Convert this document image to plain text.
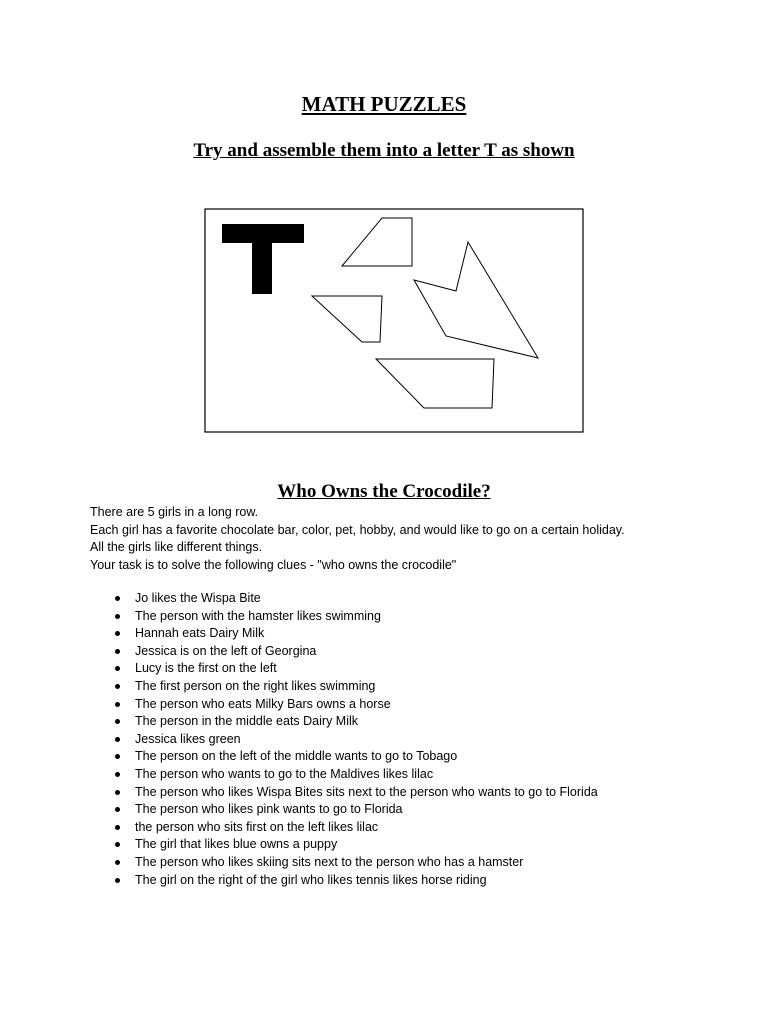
MATH PUZZLES
Try and assemble them into a letter T as shown
Who Owns the Crocodile?

There are 5 girls in a long row.

Each girl has a favorite chocolate bar, color, pet, hobby, and would like to go on a certain holiday.

All the girls like different things.

Your task is to solve the following clues - "who owns the crocodile"

Jo likes the Wispa Bite
The person with the hamster likes swimming
Hannah eats Dairy Milk
Jessica is on the left of Georgina
Lucy is the first on the left
The first person on the right likes swimming
The person who eats Milky Bars owns a horse
The person in the middle eats Dairy Milk
Jessica likes green
The person on the left of the middle wants to go to Tobago
The person who wants to go to the Maldives likes lilac
The person who likes Wispa Bites sits next to the person who wants to go to Florida
The person who likes pink wants to go to Florida
the person who sits first on the left likes lilac
The girl that likes blue owns a puppy
The person who likes skiing sits next to the person who has a hamster
The girl on the right of the girl who likes tennis likes horse riding
